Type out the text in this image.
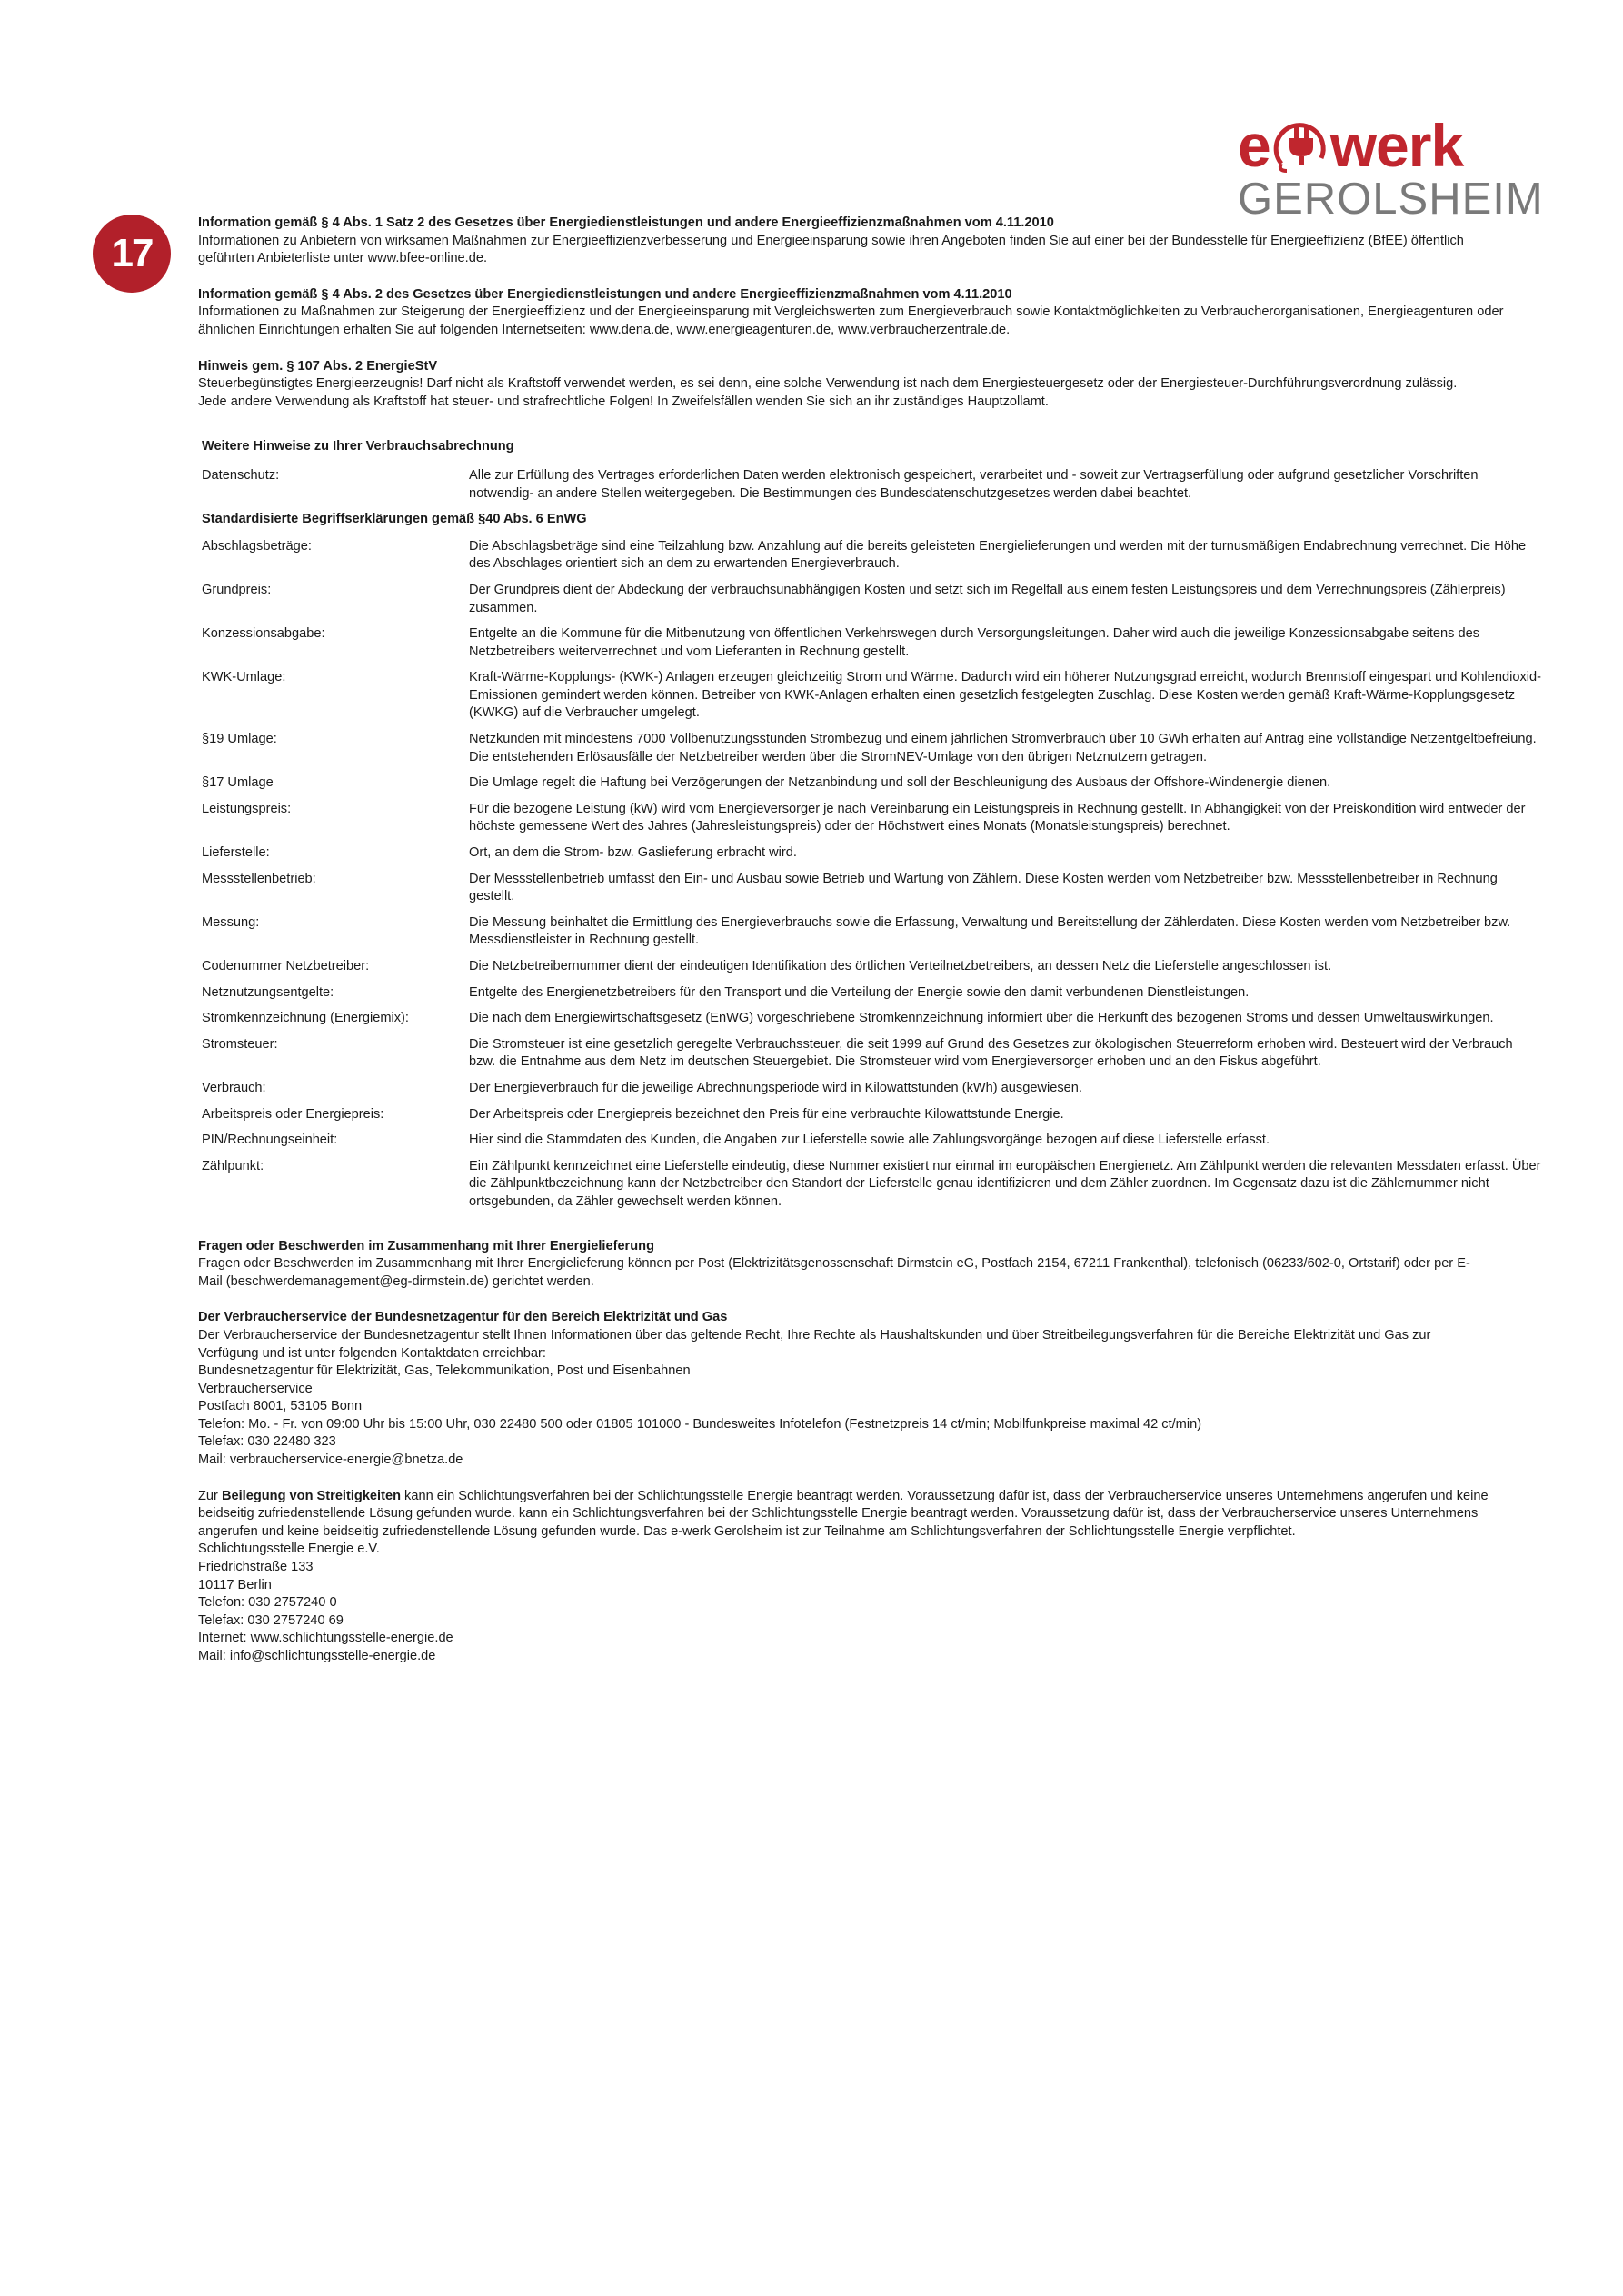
e werk
GEROLSHEIM
17
Information gemäß § 4 Abs. 1 Satz 2 des Gesetzes über Energiedienstleistungen und andere Energieeffizienzmaßnahmen vom 4.11.2010
Informationen zu Anbietern von wirksamen Maßnahmen zur Energieeffizienzverbesserung und Energieeinsparung sowie ihren Angeboten finden Sie auf einer bei der Bundesstelle für Energieeffizienz (BfEE) öffentlich geführten Anbieterliste unter www.bfee-online.de.
Information gemäß § 4 Abs. 2 des Gesetzes über Energiedienstleistungen und andere Energieeffizienzmaßnahmen vom 4.11.2010
Informationen zu Maßnahmen zur Steigerung der Energieeffizienz und der Energieeinsparung mit Vergleichswerten zum Energieverbrauch sowie Kontaktmöglichkeiten zu Verbraucherorganisationen, Energieagenturen oder ähnlichen Einrichtungen erhalten Sie auf folgenden Internetseiten: www.dena.de, www.energieagenturen.de, www.verbraucherzentrale.de.
Hinweis gem. § 107 Abs. 2 EnergieStV
Steuerbegünstigtes Energieerzeugnis! Darf nicht als Kraftstoff verwendet werden, es sei denn, eine solche Verwendung ist nach dem Energiesteuergesetz oder der Energiesteuer-Durchführungsverordnung zulässig. Jede andere Verwendung als Kraftstoff hat steuer- und strafrechtliche Folgen! In Zweifelsfällen wenden Sie sich an ihr zuständiges Hauptzollamt.
Weitere Hinweise zu Ihrer Verbrauchsabrechnung
Datenschutz:	Alle zur Erfüllung des Vertrages erforderlichen Daten werden elektronisch gespeichert, verarbeitet und - soweit zur Vertragserfüllung oder aufgrund gesetzlicher Vorschriften notwendig- an andere Stellen weitergegeben. Die Bestimmungen des Bundesdatenschutzgesetzes werden dabei beachtet.
Standardisierte Begriffserklärungen gemäß §40 Abs. 6 EnWG
Abschlagsbeträge:	Die Abschlagsbeträge sind eine Teilzahlung bzw. Anzahlung auf die bereits geleisteten Energielieferungen und werden mit der turnusmäßigen Endabrechnung verrechnet. Die Höhe des Abschlages orientiert sich an dem zu erwartenden Energieverbrauch.
Grundpreis:	Der Grundpreis dient der Abdeckung der verbrauchsunabhängigen Kosten und setzt sich im Regelfall aus einem festen Leistungspreis und dem Verrechnungspreis (Zählerpreis) zusammen.
Konzessionsabgabe:	Entgelte an die Kommune für die Mitbenutzung von öffentlichen Verkehrswegen durch Versorgungsleitungen. Daher wird auch die jeweilige Konzessionsabgabe seitens des Netzbetreibers weiterverrechnet und vom Lieferanten in Rechnung gestellt.
KWK-Umlage:	Kraft-Wärme-Kopplungs- (KWK-) Anlagen erzeugen gleichzeitig Strom und Wärme. Dadurch wird ein höherer Nutzungsgrad erreicht, wodurch Brennstoff eingespart und Kohlendioxid-Emissionen gemindert werden können. Betreiber von KWK-Anlagen erhalten einen gesetzlich festgelegten Zuschlag. Diese Kosten werden gemäß Kraft-Wärme-Kopplungsgesetz (KWKG) auf die Verbraucher umgelegt.
§19 Umlage:	Netzkunden mit mindestens 7000 Vollbenutzungsstunden Strombezug und einem jährlichen Stromverbrauch über 10 GWh erhalten auf Antrag eine vollständige Netzentgeltbefreiung. Die entstehenden Erlösausfälle der Netzbetreiber werden über die StromNEV-Umlage von den übrigen Netznutzern getragen.
§17 Umlage	Die Umlage regelt die Haftung bei Verzögerungen der Netzanbindung und soll der Beschleunigung des Ausbaus der Offshore-Windenergie dienen.
Leistungspreis:	Für die bezogene Leistung (kW) wird vom Energieversorger je nach Vereinbarung ein Leistungspreis in Rechnung gestellt. In Abhängigkeit von der Preiskondition wird entweder der höchste gemessene Wert des Jahres (Jahresleistungspreis) oder der Höchstwert eines Monats (Monatsleistungspreis) berechnet.
Lieferstelle:	Ort, an dem die Strom- bzw. Gaslieferung erbracht wird.
Messstellenbetrieb:	Der Messstellenbetrieb umfasst den Ein- und Ausbau sowie Betrieb und Wartung von Zählern. Diese Kosten werden vom Netzbetreiber bzw. Messstellenbetreiber in Rechnung gestellt.
Messung:	Die Messung beinhaltet die Ermittlung des Energieverbrauchs sowie die Erfassung, Verwaltung und Bereitstellung der Zählerdaten. Diese Kosten werden vom Netzbetreiber bzw. Messdienstleister in Rechnung gestellt.
Codenummer Netzbetreiber:	Die Netzbetreibernummer dient der eindeutigen Identifikation des örtlichen Verteilnetzbetreibers, an dessen Netz die Lieferstelle angeschlossen ist.
Netznutzungsentgelte:	Entgelte des Energienetzbetreibers für den Transport und die Verteilung der Energie sowie den damit verbundenen Dienstleistungen.
Stromkennzeichnung (Energiemix):	Die nach dem Energiewirtschaftsgesetz (EnWG) vorgeschriebene Stromkennzeichnung informiert über die Herkunft des bezogenen Stroms und dessen Umweltauswirkungen.
Stromsteuer:	Die Stromsteuer ist eine gesetzlich geregelte Verbrauchssteuer, die seit 1999 auf Grund des Gesetzes zur ökologischen Steuerreform erhoben wird. Besteuert wird der Verbrauch bzw. die Entnahme aus dem Netz im deutschen Steuergebiet. Die Stromsteuer wird vom Energieversorger erhoben und an den Fiskus abgeführt.
Verbrauch:	Der Energieverbrauch für die jeweilige Abrechnungsperiode wird in Kilowattstunden (kWh) ausgewiesen.
Arbeitspreis oder Energiepreis:	Der Arbeitspreis oder Energiepreis bezeichnet den Preis für eine verbrauchte Kilowattstunde Energie.
PIN/Rechnungseinheit:	Hier sind die Stammdaten des Kunden, die Angaben zur Lieferstelle sowie alle Zahlungsvorgänge bezogen auf diese Lieferstelle erfasst.
Zählpunkt:	Ein Zählpunkt kennzeichnet eine Lieferstelle eindeutig, diese Nummer existiert nur einmal im europäischen Energienetz. Am Zählpunkt werden die relevanten Messdaten erfasst. Über die Zählpunktbezeichnung kann der Netzbetreiber den Standort der Lieferstelle genau identifizieren und dem Zähler zuordnen. Im Gegensatz dazu ist die Zählernummer nicht ortsgebunden, da Zähler gewechselt werden können.
Fragen oder Beschwerden im Zusammenhang mit Ihrer Energielieferung
Fragen oder Beschwerden im Zusammenhang mit Ihrer Energielieferung können per Post (Elektrizitätsgenossenschaft Dirmstein eG, Postfach 2154, 67211 Frankenthal), telefonisch (06233/602-0, Ortstarif) oder per E-Mail (beschwerdemanagement@eg-dirmstein.de) gerichtet werden.
Der Verbraucherservice der Bundesnetzagentur für den Bereich Elektrizität und Gas
Der Verbraucherservice der Bundesnetzagentur stellt Ihnen Informationen über das geltende Recht, Ihre Rechte als Haushaltskunden und über Streitbeilegungsverfahren für die Bereiche Elektrizität und Gas zur Verfügung und ist unter folgenden Kontaktdaten erreichbar:
Bundesnetzagentur für Elektrizität, Gas, Telekommunikation, Post und Eisenbahnen
Verbraucherservice
Postfach 8001, 53105 Bonn
Telefon: Mo. - Fr. von 09:00 Uhr bis 15:00 Uhr, 030 22480 500 oder 01805 101000 - Bundesweites Infotelefon (Festnetzpreis 14 ct/min; Mobilfunkpreise maximal 42 ct/min)
Telefax: 030 22480 323
Mail: verbraucherservice-energie@bnetza.de
Zur Beilegung von Streitigkeiten kann ein Schlichtungsverfahren bei der Schlichtungsstelle Energie beantragt werden. Voraussetzung dafür ist, dass der Verbraucherservice unseres Unternehmens angerufen und keine beidseitig zufriedenstellende Lösung gefunden wurde. kann ein Schlichtungsverfahren bei der Schlichtungsstelle Energie beantragt werden. Voraussetzung dafür ist, dass der Verbraucherservice unseres Unternehmens angerufen und keine beidseitig zufriedenstellende Lösung gefunden wurde. Das e-werk Gerolsheim ist zur Teilnahme am Schlichtungsverfahren der Schlichtungsstelle Energie verpflichtet.
Schlichtungsstelle Energie e.V.
Friedrichstraße 133
10117 Berlin
Telefon: 030 2757240 0
Telefax: 030 2757240 69
Internet: www.schlichtungsstelle-energie.de
Mail: info@schlichtungsstelle-energie.de
